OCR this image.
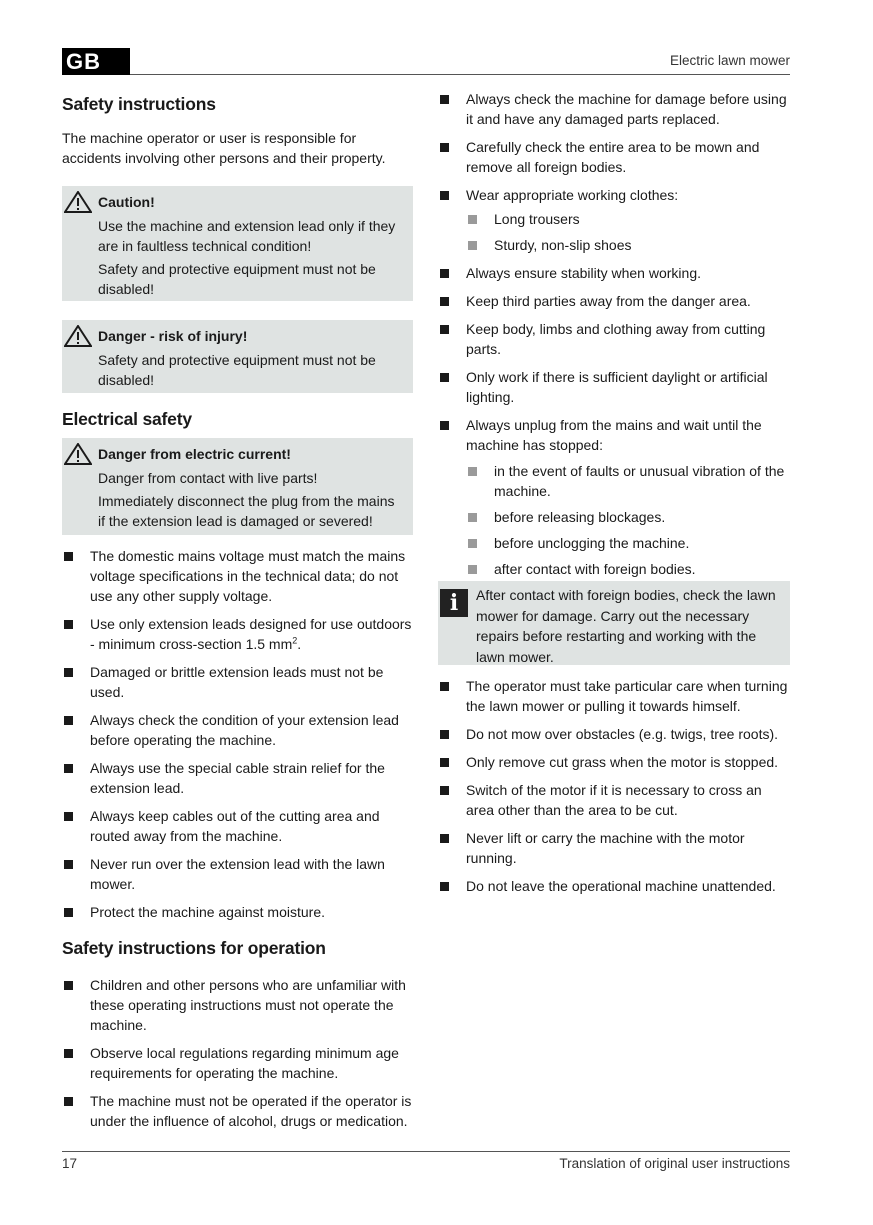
GB	Electric lawn mower
Safety instructions

The machine operator or user is responsible for accidents involving other persons and their property.

Caution!
Use the machine and extension lead only if they are in faultless technical condition!
Safety and protective equipment must not be disabled!
Danger - risk of injury!
Safety and protective equipment must not be disabled!
Electrical safety
Danger from electric current!
Danger from contact with live parts!
Immediately disconnect the plug from the mains if the extension lead is damaged or severed!
The domestic mains voltage must match the mains voltage specifications in the technical data; do not use any other supply voltage.
Use only extension leads designed for use outdoors - minimum cross-section 1.5 $mm^2$.
Damaged or brittle extension leads must not be used.
Always check the condition of your extension lead before operating the machine.
Always use the special cable strain relief for the extension lead.
Always keep cables out of the cutting area and routed away from the machine.
Never run over the extension lead with the lawn mower.
Protect the machine against moisture.
Safety instructions for operation
Children and other persons who are unfamiliar with these operating instructions must not operate the machine.
Observe local regulations regarding minimum age requirements for operating the machine.
The machine must not be operated if the operator is under the influence of alcohol, drugs or medication.
Always check the machine for damage before using it and have any damaged parts replaced.
Carefully check the entire area to be mown and remove all foreign bodies.
Wear appropriate working clothes:
Long trousers
Sturdy, non-slip shoes
Always ensure stability when working.
Keep third parties away from the danger area.
Keep body, limbs and clothing away from cutting parts.
Only work if there is sufficient daylight or artificial lighting.
Always unplug from the mains and wait until the machine has stopped:
in the event of faults or unusual vibration of the machine.
before releasing blockages.
before unclogging the machine.
after contact with foreign bodies.
i	After contact with foreign bodies, check the lawn mower for damage. Carry out the necessary repairs before restarting and working with the lawn mower.
The operator must take particular care when turning the lawn mower or pulling it towards himself.
Do not mow over obstacles (e.g. twigs, tree roots).
Only remove cut grass when the motor is stopped.
Switch of the motor if it is necessary to cross an area other than the area to be cut.
Never lift or carry the machine with the motor running.
Do not leave the operational machine unattended.
17	Translation of original user instructions
